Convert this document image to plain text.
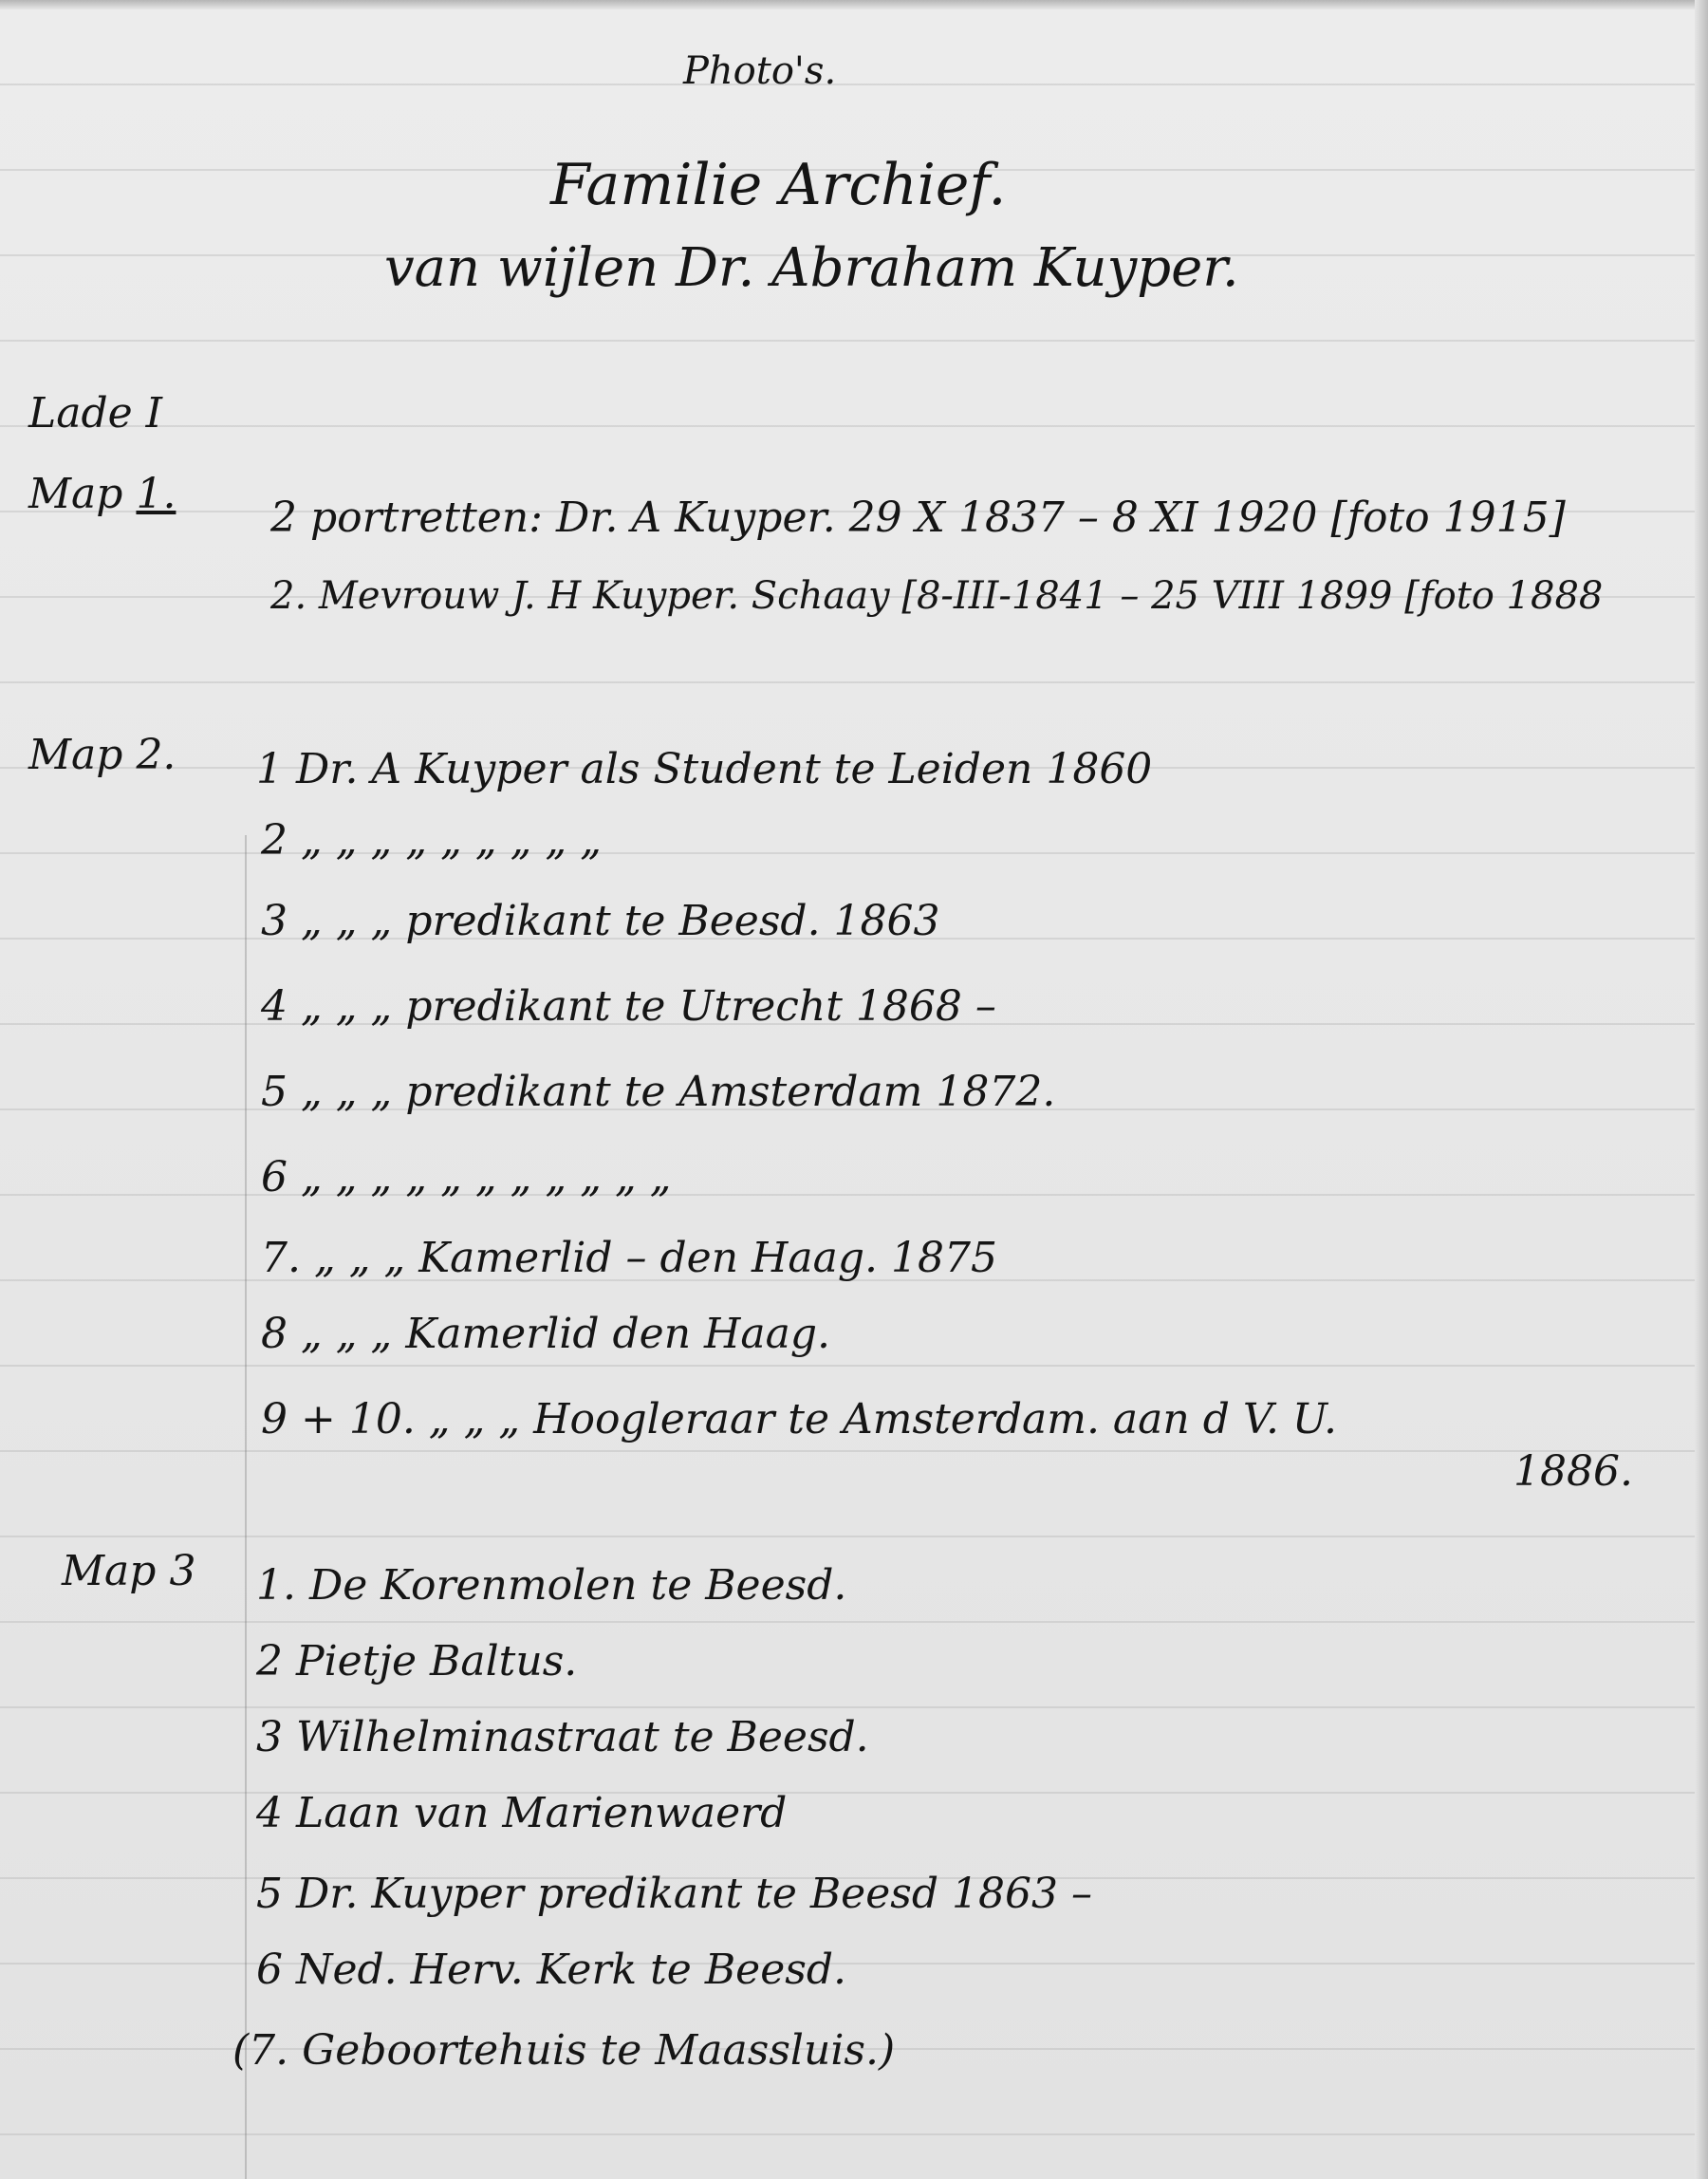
Photo's.
Familie Archief.
van wijlen Dr. Abraham Kuyper.
Lade I
Map 1. 2 portretten: Dr. A Kuyper. 29 X 1837 – 8 XI 1920 [foto 1915]
2. Mevrouw J. H Kuyper. Schaay [8-III-1841 – 25 VIII 1899 [foto 1888
Map 2. 1 Dr. A Kuyper als Student te Leiden 1860
2 „ „ „ „ „ „ „ „ „
3 „ „ „ predikant te Beesd. 1863
4 „ „ „ predikant te Utrecht 1868 –
5 „ „ „ predikant te Amsterdam 1872.
6 „ „ „ „ „ „ „ „ „ „ „
7. „ „ „ Kamerlid – den Haag. 1875
8 „ „ „ Kamerlid den Haag.
9 + 10. „ „ „ Hoogleraar te Amsterdam. aan d V. U.
1886.
Map 3 1. De Korenmolen te Beesd.
2 Pietje Baltus.
3 Wilhelminastraat te Beesd.
4 Laan van Marienwaerd
5 Dr. Kuyper predikant te Beesd 1863 –
6 Ned. Herv. Kerk te Beesd.
(7. Geboortehuis te Maassluis.)
